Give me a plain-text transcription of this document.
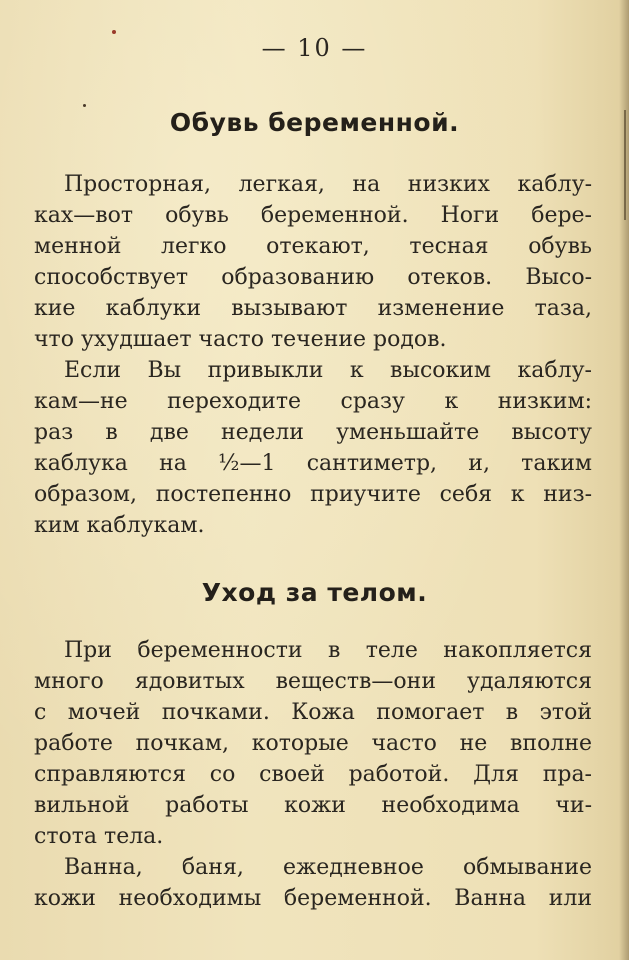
— 10 —
Обувь беременной.
Просторная, легкая, на низких каблу-
ках—вот обувь беременной. Ноги бере-
менной легко отекают, тесная обувь
способствует образованию отеков. Высо-
кие каблуки вызывают изменение таза,
что ухудшает часто течение родов.
Если Вы привыкли к высоким каблу-
кам—не переходите сразу к низким:
раз в две недели уменьшайте высоту
каблука на ½—1 сантиметр, и, таким
образом, постепенно приучите себя к низ-
ким каблукам.
Уход за телом.
При беременности в теле накопляется
много ядовитых веществ—они удаляются
с мочей почками. Кожа помогает в этой
работе почкам, которые часто не вполне
справляются со своей работой. Для пра-
вильной работы кожи необходима чи-
стота тела.
Ванна, баня, ежедневное обмывание
кожи необходимы беременной. Ванна или
